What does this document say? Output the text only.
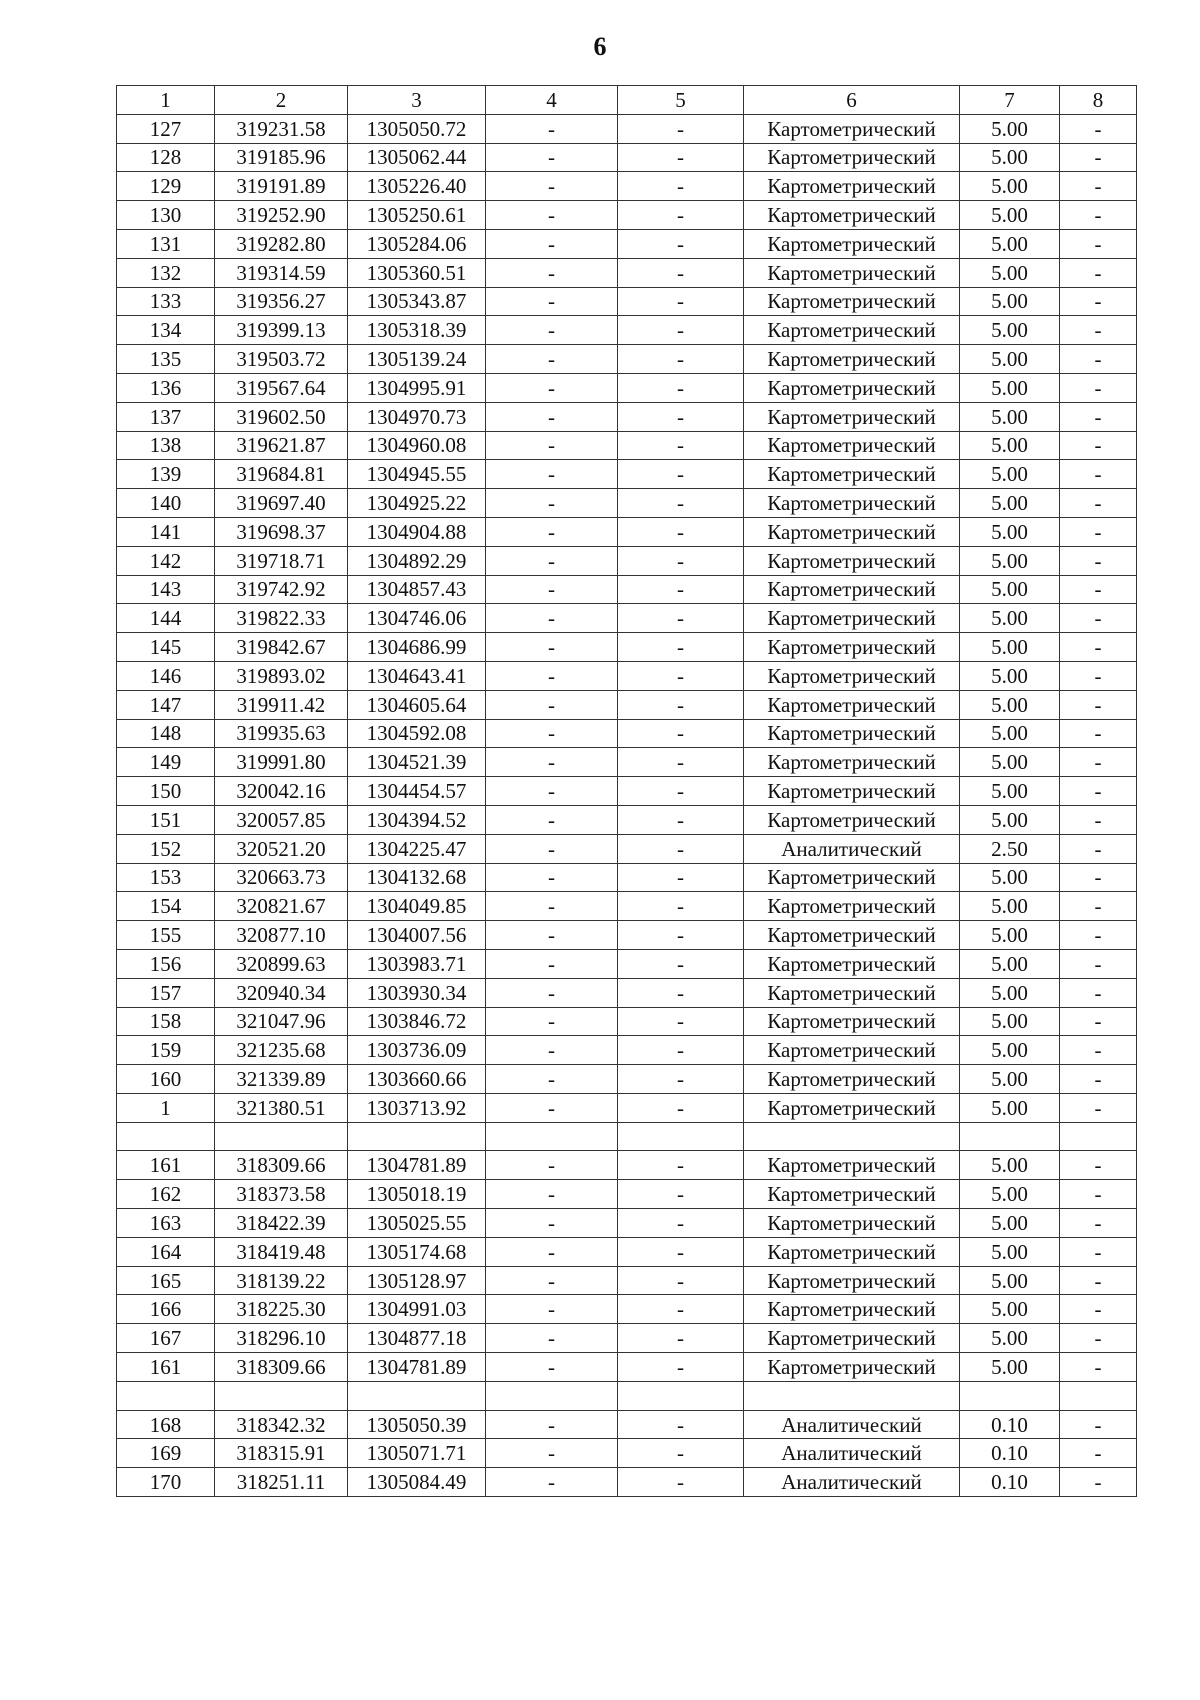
6
1	2	3	4	5	6	7	8
127	319231.58	1305050.72	-	-	Картометрический	5.00	-
128	319185.96	1305062.44	-	-	Картометрический	5.00	-
129	319191.89	1305226.40	-	-	Картометрический	5.00	-
130	319252.90	1305250.61	-	-	Картометрический	5.00	-
131	319282.80	1305284.06	-	-	Картометрический	5.00	-
132	319314.59	1305360.51	-	-	Картометрический	5.00	-
133	319356.27	1305343.87	-	-	Картометрический	5.00	-
134	319399.13	1305318.39	-	-	Картометрический	5.00	-
135	319503.72	1305139.24	-	-	Картометрический	5.00	-
136	319567.64	1304995.91	-	-	Картометрический	5.00	-
137	319602.50	1304970.73	-	-	Картометрический	5.00	-
138	319621.87	1304960.08	-	-	Картометрический	5.00	-
139	319684.81	1304945.55	-	-	Картометрический	5.00	-
140	319697.40	1304925.22	-	-	Картометрический	5.00	-
141	319698.37	1304904.88	-	-	Картометрический	5.00	-
142	319718.71	1304892.29	-	-	Картометрический	5.00	-
143	319742.92	1304857.43	-	-	Картометрический	5.00	-
144	319822.33	1304746.06	-	-	Картометрический	5.00	-
145	319842.67	1304686.99	-	-	Картометрический	5.00	-
146	319893.02	1304643.41	-	-	Картометрический	5.00	-
147	319911.42	1304605.64	-	-	Картометрический	5.00	-
148	319935.63	1304592.08	-	-	Картометрический	5.00	-
149	319991.80	1304521.39	-	-	Картометрический	5.00	-
150	320042.16	1304454.57	-	-	Картометрический	5.00	-
151	320057.85	1304394.52	-	-	Картометрический	5.00	-
152	320521.20	1304225.47	-	-	Аналитический	2.50	-
153	320663.73	1304132.68	-	-	Картометрический	5.00	-
154	320821.67	1304049.85	-	-	Картометрический	5.00	-
155	320877.10	1304007.56	-	-	Картометрический	5.00	-
156	320899.63	1303983.71	-	-	Картометрический	5.00	-
157	320940.34	1303930.34	-	-	Картометрический	5.00	-
158	321047.96	1303846.72	-	-	Картометрический	5.00	-
159	321235.68	1303736.09	-	-	Картометрический	5.00	-
160	321339.89	1303660.66	-	-	Картометрический	5.00	-
1	321380.51	1303713.92	-	-	Картометрический	5.00	-

161	318309.66	1304781.89	-	-	Картометрический	5.00	-
162	318373.58	1305018.19	-	-	Картометрический	5.00	-
163	318422.39	1305025.55	-	-	Картометрический	5.00	-
164	318419.48	1305174.68	-	-	Картометрический	5.00	-
165	318139.22	1305128.97	-	-	Картометрический	5.00	-
166	318225.30	1304991.03	-	-	Картометрический	5.00	-
167	318296.10	1304877.18	-	-	Картометрический	5.00	-
161	318309.66	1304781.89	-	-	Картометрический	5.00	-

168	318342.32	1305050.39	-	-	Аналитический	0.10	-
169	318315.91	1305071.71	-	-	Аналитический	0.10	-
170	318251.11	1305084.49	-	-	Аналитический	0.10	-
